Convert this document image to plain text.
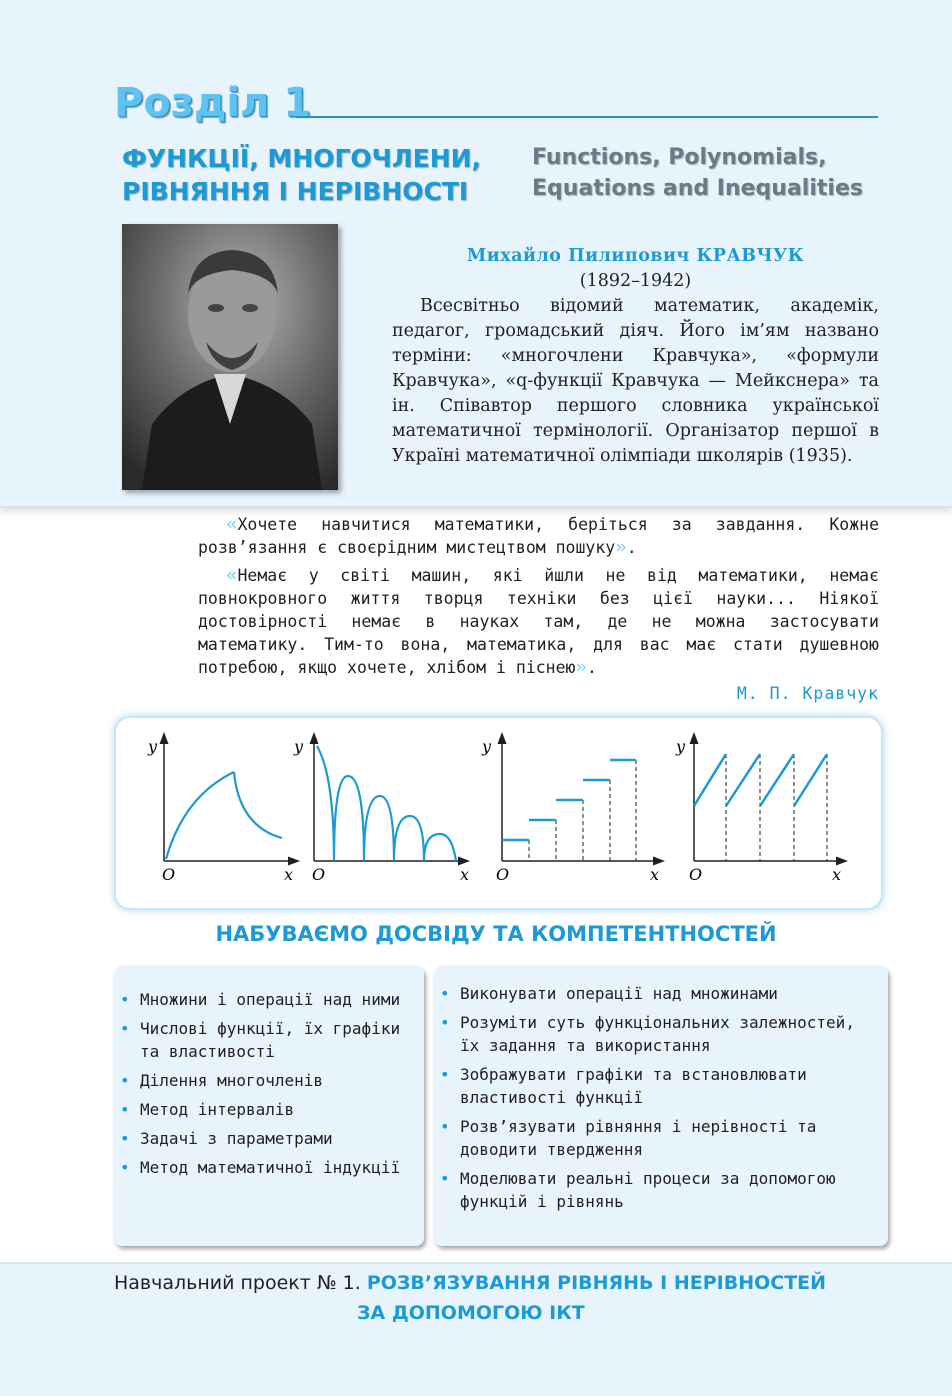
Розділ 1
ФУНКЦІЇ, МНОГОЧЛЕНИ,
РІВНЯННЯ І НЕРІВНОСТІ
Functions, Polynomials,
Equations and Inequalities
Михайло Пилипович КРАВЧУК
(1892–1942)
Всесвітньо відомий математик, академік, педагог, громадський діяч. Його ім’ям названо терміни: «многочлени Кравчука», «формули Кравчука», «q-функції Кравчука — Мейкснера» та ін. Співавтор першого словника української математичної термінології. Організатор першої в Україні математичної олімпіади школярів (1935).

«Хочете навчитися математики, беріться за завдання. Кожне розв’язання є своєрідним мистецтвом пошуку».

«Немає у світі машин, які йшли не від математики, немає повнокровного життя творця техніки без цієї науки... Ніякої достовірності немає в науках там, де не можна застосувати математику. Тим-то вона, математика, для вас має стати душевною потребою, якщо хочете, хлібом і піснею».

М. П. Кравчук
y
O	x
y
O	x
y
O	x
y
O	x
НАБУВАЄМО ДОСВІДУ ТА КОМПЕТЕНТНОСТЕЙ
• Множини і операції над ними
• Числові функції, їх графіки та властивості
• Ділення многочленів
• Метод інтервалів
• Задачі з параметрами
• Метод математичної індукції
• Виконувати операції над множинами
• Розуміти суть функціональних залежностей, їх задання та використання
• Зображувати графіки та встановлювати властивості функції
• Розв’язувати рівняння і нерівності та доводити твердження
• Моделювати реальні процеси за допомогою функцій і рівнянь
Навчальний проект № 1. РОЗВ’ЯЗУВАННЯ РІВНЯНЬ І НЕРІВНОСТЕЙ
ЗА ДОПОМОГОЮ ІКТ
